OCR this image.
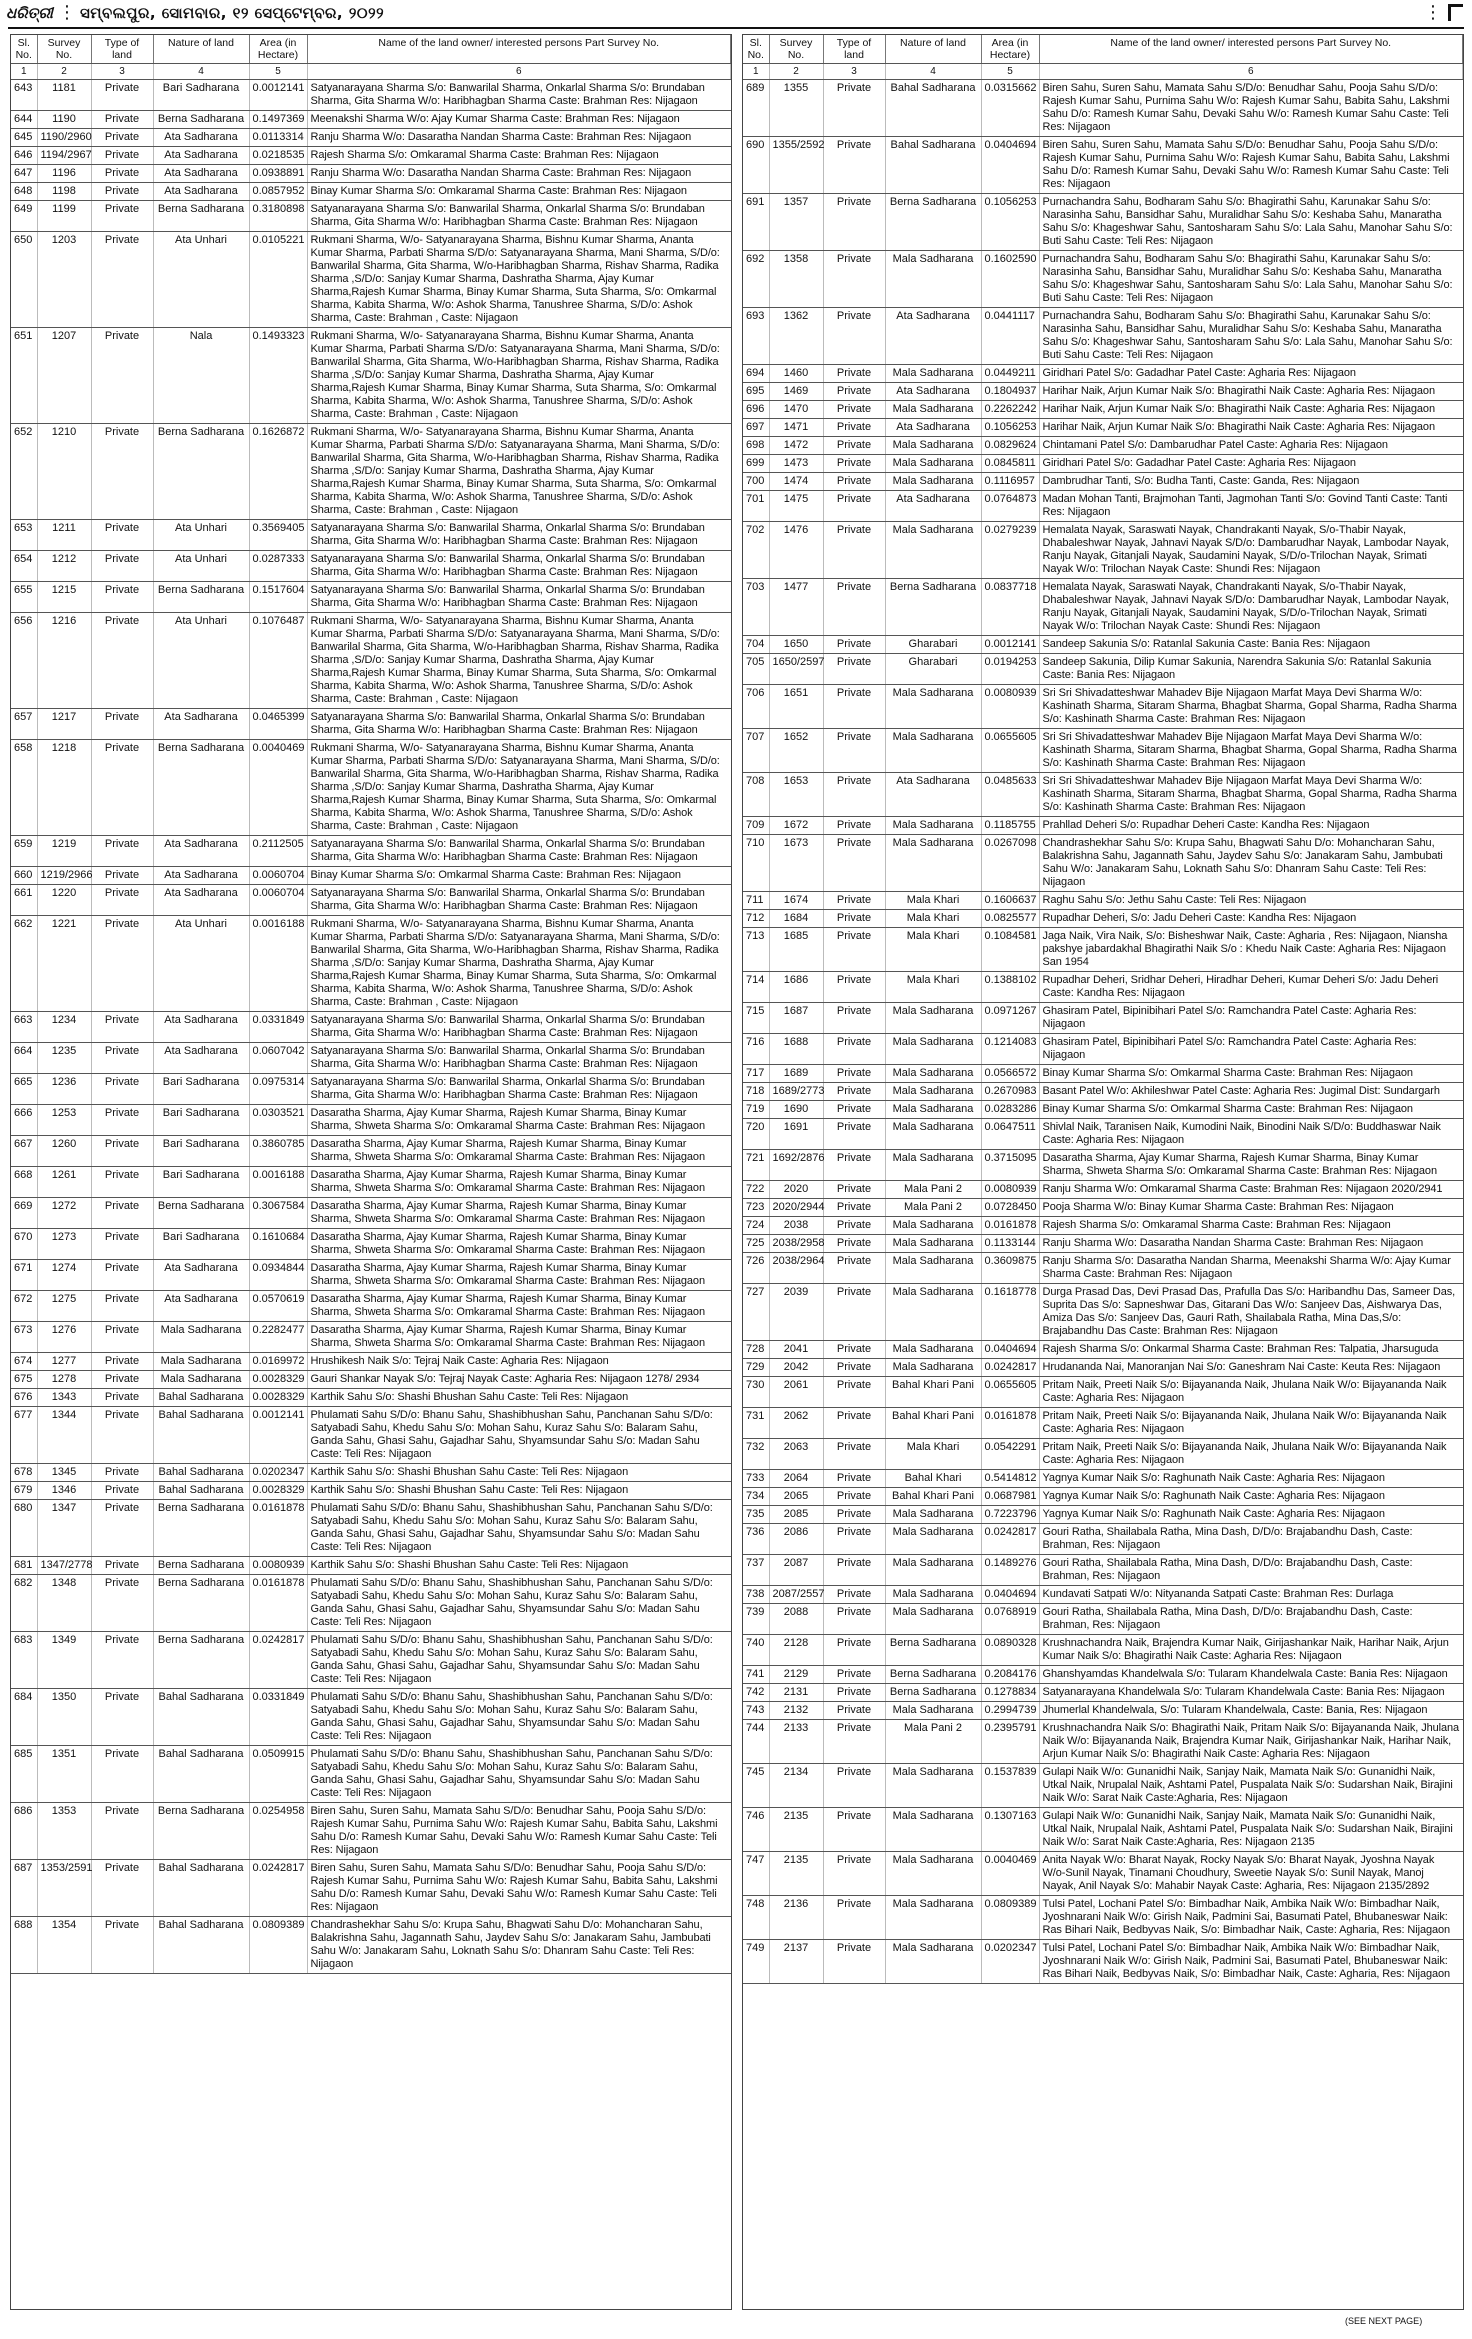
ଧରିତ୍ରୀ ⋮ ସମ୍ବଲପୁର, ସୋମବାର, ୧୨ ସେପ୍ଟେମ୍ବର, ୨୦୨୨	⋮
Sl. No.	Survey No.	Type of land	Nature of land	Area (in Hectare)	Name of the land owner/ interested persons Part Survey No.
1	2	3	4	5	6
643	1181	Private	Bari Sadharana	0.0012141	Satyanarayana Sharma S/o: Banwarilal Sharma, Onkarlal Sharma S/o: Brundaban Sharma, Gita Sharma W/o: Haribhagban Sharma Caste: Brahman Res: Nijagaon
644	1190	Private	Berna Sadharana	0.1497369	Meenakshi Sharma W/o: Ajay Kumar Sharma Caste: Brahman Res: Nijagaon
645	1190/2960	Private	Ata Sadharana	0.0113314	Ranju Sharma W/o: Dasaratha Nandan Sharma Caste: Brahman Res: Nijagaon
646	1194/2967	Private	Ata Sadharana	0.0218535	Rajesh Sharma S/o: Omkaramal Sharma Caste: Brahman Res: Nijagaon
647	1196	Private	Ata Sadharana	0.0938891	Ranju Sharma W/o: Dasaratha Nandan Sharma Caste: Brahman Res: Nijagaon
648	1198	Private	Ata Sadharana	0.0857952	Binay Kumar Sharma S/o: Omkaramal Sharma Caste: Brahman Res: Nijagaon
649	1199	Private	Berna Sadharana	0.3180898	Satyanarayana Sharma S/o: Banwarilal Sharma, Onkarlal Sharma S/o: Brundaban Sharma, Gita Sharma W/o: Haribhagban Sharma Caste: Brahman Res: Nijagaon
650	1203	Private	Ata Unhari	0.0105221	Rukmani Sharma, W/o- Satyanarayana Sharma, Bishnu Kumar Sharma, Ananta Kumar Sharma, Parbati Sharma S/D/o: Satyanarayana Sharma, Mani Sharma, S/D/o: Banwarilal Sharma, Gita Sharma, W/o-Haribhagban Sharma, Rishav Sharma, Radika Sharma ,S/D/o: Sanjay Kumar Sharma, Dashratha Sharma, Ajay Kumar Sharma,Rajesh Kumar Sharma, Binay Kumar Sharma, Suta Sharma, S/o: Omkarmal Sharma, Kabita Sharma, W/o: Ashok Sharma, Tanushree Sharma, S/D/o: Ashok Sharma, Caste: Brahman , Caste: Nijagaon
651	1207	Private	Nala	0.1493323	Rukmani Sharma, W/o- Satyanarayana Sharma, Bishnu Kumar Sharma, Ananta Kumar Sharma, Parbati Sharma S/D/o: Satyanarayana Sharma, Mani Sharma, S/D/o: Banwarilal Sharma, Gita Sharma, W/o-Haribhagban Sharma, Rishav Sharma, Radika Sharma ,S/D/o: Sanjay Kumar Sharma, Dashratha Sharma, Ajay Kumar Sharma,Rajesh Kumar Sharma, Binay Kumar Sharma, Suta Sharma, S/o: Omkarmal Sharma, Kabita Sharma, W/o: Ashok Sharma, Tanushree Sharma, S/D/o: Ashok Sharma, Caste: Brahman , Caste: Nijagaon
652	1210	Private	Berna Sadharana	0.1626872	Rukmani Sharma, W/o- Satyanarayana Sharma, Bishnu Kumar Sharma, Ananta Kumar Sharma, Parbati Sharma S/D/o: Satyanarayana Sharma, Mani Sharma, S/D/o: Banwarilal Sharma, Gita Sharma, W/o-Haribhagban Sharma, Rishav Sharma, Radika Sharma ,S/D/o: Sanjay Kumar Sharma, Dashratha Sharma, Ajay Kumar Sharma,Rajesh Kumar Sharma, Binay Kumar Sharma, Suta Sharma, S/o: Omkarmal Sharma, Kabita Sharma, W/o: Ashok Sharma, Tanushree Sharma, S/D/o: Ashok Sharma, Caste: Brahman , Caste: Nijagaon
653	1211	Private	Ata Unhari	0.3569405	Satyanarayana Sharma S/o: Banwarilal Sharma, Onkarlal Sharma S/o: Brundaban Sharma, Gita Sharma W/o: Haribhagban Sharma Caste: Brahman Res: Nijagaon
654	1212	Private	Ata Unhari	0.0287333	Satyanarayana Sharma S/o: Banwarilal Sharma, Onkarlal Sharma S/o: Brundaban Sharma, Gita Sharma W/o: Haribhagban Sharma Caste: Brahman Res: Nijagaon
655	1215	Private	Berna Sadharana	0.1517604	Satyanarayana Sharma S/o: Banwarilal Sharma, Onkarlal Sharma S/o: Brundaban Sharma, Gita Sharma W/o: Haribhagban Sharma Caste: Brahman Res: Nijagaon
656	1216	Private	Ata Unhari	0.1076487	Rukmani Sharma, W/o- Satyanarayana Sharma, Bishnu Kumar Sharma, Ananta Kumar Sharma, Parbati Sharma S/D/o: Satyanarayana Sharma, Mani Sharma, S/D/o: Banwarilal Sharma, Gita Sharma, W/o-Haribhagban Sharma, Rishav Sharma, Radika Sharma ,S/D/o: Sanjay Kumar Sharma, Dashratha Sharma, Ajay Kumar Sharma,Rajesh Kumar Sharma, Binay Kumar Sharma, Suta Sharma, S/o: Omkarmal Sharma, Kabita Sharma, W/o: Ashok Sharma, Tanushree Sharma, S/D/o: Ashok Sharma, Caste: Brahman , Caste: Nijagaon
657	1217	Private	Ata Sadharana	0.0465399	Satyanarayana Sharma S/o: Banwarilal Sharma, Onkarlal Sharma S/o: Brundaban Sharma, Gita Sharma W/o: Haribhagban Sharma Caste: Brahman Res: Nijagaon
658	1218	Private	Berna Sadharana	0.0040469	Rukmani Sharma, W/o- Satyanarayana Sharma, Bishnu Kumar Sharma, Ananta Kumar Sharma, Parbati Sharma S/D/o: Satyanarayana Sharma, Mani Sharma, S/D/o: Banwarilal Sharma, Gita Sharma, W/o-Haribhagban Sharma, Rishav Sharma, Radika Sharma ,S/D/o: Sanjay Kumar Sharma, Dashratha Sharma, Ajay Kumar Sharma,Rajesh Kumar Sharma, Binay Kumar Sharma, Suta Sharma, S/o: Omkarmal Sharma, Kabita Sharma, W/o: Ashok Sharma, Tanushree Sharma, S/D/o: Ashok Sharma, Caste: Brahman , Caste: Nijagaon
659	1219	Private	Ata Sadharana	0.2112505	Satyanarayana Sharma S/o: Banwarilal Sharma, Onkarlal Sharma S/o: Brundaban Sharma, Gita Sharma W/o: Haribhagban Sharma Caste: Brahman Res: Nijagaon
660	1219/2966	Private	Ata Sadharana	0.0060704	Binay Kumar Sharma S/o: Omkarmal Sharma Caste: Brahman Res: Nijagaon
661	1220	Private	Ata Sadharana	0.0060704	Satyanarayana Sharma S/o: Banwarilal Sharma, Onkarlal Sharma S/o: Brundaban Sharma, Gita Sharma W/o: Haribhagban Sharma Caste: Brahman Res: Nijagaon
662	1221	Private	Ata Unhari	0.0016188	Rukmani Sharma, W/o- Satyanarayana Sharma, Bishnu Kumar Sharma, Ananta Kumar Sharma, Parbati Sharma S/D/o: Satyanarayana Sharma, Mani Sharma, S/D/o: Banwarilal Sharma, Gita Sharma, W/o-Haribhagban Sharma, Rishav Sharma, Radika Sharma ,S/D/o: Sanjay Kumar Sharma, Dashratha Sharma, Ajay Kumar Sharma,Rajesh Kumar Sharma, Binay Kumar Sharma, Suta Sharma, S/o: Omkarmal Sharma, Kabita Sharma, W/o: Ashok Sharma, Tanushree Sharma, S/D/o: Ashok Sharma, Caste: Brahman , Caste: Nijagaon
663	1234	Private	Ata Sadharana	0.0331849	Satyanarayana Sharma S/o: Banwarilal Sharma, Onkarlal Sharma S/o: Brundaban Sharma, Gita Sharma W/o: Haribhagban Sharma Caste: Brahman Res: Nijagaon
664	1235	Private	Ata Sadharana	0.0607042	Satyanarayana Sharma S/o: Banwarilal Sharma, Onkarlal Sharma S/o: Brundaban Sharma, Gita Sharma W/o: Haribhagban Sharma Caste: Brahman Res: Nijagaon
665	1236	Private	Bari Sadharana	0.0975314	Satyanarayana Sharma S/o: Banwarilal Sharma, Onkarlal Sharma S/o: Brundaban Sharma, Gita Sharma W/o: Haribhagban Sharma Caste: Brahman Res: Nijagaon
666	1253	Private	Bari Sadharana	0.0303521	Dasaratha Sharma, Ajay Kumar Sharma, Rajesh Kumar Sharma, Binay Kumar Sharma, Shweta Sharma S/o: Omkaramal Sharma Caste: Brahman Res: Nijagaon
667	1260	Private	Bari Sadharana	0.3860785	Dasaratha Sharma, Ajay Kumar Sharma, Rajesh Kumar Sharma, Binay Kumar Sharma, Shweta Sharma S/o: Omkaramal Sharma Caste: Brahman Res: Nijagaon
668	1261	Private	Bari Sadharana	0.0016188	Dasaratha Sharma, Ajay Kumar Sharma, Rajesh Kumar Sharma, Binay Kumar Sharma, Shweta Sharma S/o: Omkaramal Sharma Caste: Brahman Res: Nijagaon
669	1272	Private	Berna Sadharana	0.3067584	Dasaratha Sharma, Ajay Kumar Sharma, Rajesh Kumar Sharma, Binay Kumar Sharma, Shweta Sharma S/o: Omkaramal Sharma Caste: Brahman Res: Nijagaon
670	1273	Private	Bari Sadharana	0.1610684	Dasaratha Sharma, Ajay Kumar Sharma, Rajesh Kumar Sharma, Binay Kumar Sharma, Shweta Sharma S/o: Omkaramal Sharma Caste: Brahman Res: Nijagaon
671	1274	Private	Ata Sadharana	0.0934844	Dasaratha Sharma, Ajay Kumar Sharma, Rajesh Kumar Sharma, Binay Kumar Sharma, Shweta Sharma S/o: Omkaramal Sharma Caste: Brahman Res: Nijagaon
672	1275	Private	Ata Sadharana	0.0570619	Dasaratha Sharma, Ajay Kumar Sharma, Rajesh Kumar Sharma, Binay Kumar Sharma, Shweta Sharma S/o: Omkaramal Sharma Caste: Brahman Res: Nijagaon
673	1276	Private	Mala Sadharana	0.2282477	Dasaratha Sharma, Ajay Kumar Sharma, Rajesh Kumar Sharma, Binay Kumar Sharma, Shweta Sharma S/o: Omkaramal Sharma Caste: Brahman Res: Nijagaon
674	1277	Private	Mala Sadharana	0.0169972	Hrushikesh Naik S/o: Tejraj Naik Caste: Agharia Res: Nijagaon
675	1278	Private	Mala Sadharana	0.0028329	Gauri Shankar Nayak S/o: Tejraj Nayak Caste: Agharia Res: Nijagaon 1278/ 2934
676	1343	Private	Bahal Sadharana	0.0028329	Karthik Sahu S/o: Shashi Bhushan Sahu Caste: Teli Res: Nijagaon
677	1344	Private	Bahal Sadharana	0.0012141	Phulamati Sahu S/D/o: Bhanu Sahu, Shashibhushan Sahu, Panchanan Sahu S/D/o: Satyabadi Sahu, Khedu Sahu S/o: Mohan Sahu, Kuraz Sahu S/o: Balaram Sahu, Ganda Sahu, Ghasi Sahu, Gajadhar Sahu, Shyamsundar Sahu S/o: Madan Sahu Caste: Teli Res: Nijagaon
678	1345	Private	Bahal Sadharana	0.0202347	Karthik Sahu S/o: Shashi Bhushan Sahu Caste: Teli Res: Nijagaon
679	1346	Private	Bahal Sadharana	0.0028329	Karthik Sahu S/o: Shashi Bhushan Sahu Caste: Teli Res: Nijagaon
680	1347	Private	Berna Sadharana	0.0161878	Phulamati Sahu S/D/o: Bhanu Sahu, Shashibhushan Sahu, Panchanan Sahu S/D/o: Satyabadi Sahu, Khedu Sahu S/o: Mohan Sahu, Kuraz Sahu S/o: Balaram Sahu, Ganda Sahu, Ghasi Sahu, Gajadhar Sahu, Shyamsundar Sahu S/o: Madan Sahu Caste: Teli Res: Nijagaon
681	1347/2778	Private	Berna Sadharana	0.0080939	Karthik Sahu S/o: Shashi Bhushan Sahu Caste: Teli Res: Nijagaon
682	1348	Private	Berna Sadharana	0.0161878	Phulamati Sahu S/D/o: Bhanu Sahu, Shashibhushan Sahu, Panchanan Sahu S/D/o: Satyabadi Sahu, Khedu Sahu S/o: Mohan Sahu, Kuraz Sahu S/o: Balaram Sahu, Ganda Sahu, Ghasi Sahu, Gajadhar Sahu, Shyamsundar Sahu S/o: Madan Sahu Caste: Teli Res: Nijagaon
683	1349	Private	Berna Sadharana	0.0242817	Phulamati Sahu S/D/o: Bhanu Sahu, Shashibhushan Sahu, Panchanan Sahu S/D/o: Satyabadi Sahu, Khedu Sahu S/o: Mohan Sahu, Kuraz Sahu S/o: Balaram Sahu, Ganda Sahu, Ghasi Sahu, Gajadhar Sahu, Shyamsundar Sahu S/o: Madan Sahu Caste: Teli Res: Nijagaon
684	1350	Private	Bahal Sadharana	0.0331849	Phulamati Sahu S/D/o: Bhanu Sahu, Shashibhushan Sahu, Panchanan Sahu S/D/o: Satyabadi Sahu, Khedu Sahu S/o: Mohan Sahu, Kuraz Sahu S/o: Balaram Sahu, Ganda Sahu, Ghasi Sahu, Gajadhar Sahu, Shyamsundar Sahu S/o: Madan Sahu Caste: Teli Res: Nijagaon
685	1351	Private	Bahal Sadharana	0.0509915	Phulamati Sahu S/D/o: Bhanu Sahu, Shashibhushan Sahu, Panchanan Sahu S/D/o: Satyabadi Sahu, Khedu Sahu S/o: Mohan Sahu, Kuraz Sahu S/o: Balaram Sahu, Ganda Sahu, Ghasi Sahu, Gajadhar Sahu, Shyamsundar Sahu S/o: Madan Sahu Caste: Teli Res: Nijagaon
686	1353	Private	Berna Sadharana	0.0254958	Biren Sahu, Suren Sahu, Mamata Sahu S/D/o: Benudhar Sahu, Pooja Sahu S/D/o: Rajesh Kumar Sahu, Purnima Sahu W/o: Rajesh Kumar Sahu, Babita Sahu, Lakshmi Sahu D/o: Ramesh Kumar Sahu, Devaki Sahu W/o: Ramesh Kumar Sahu Caste: Teli Res: Nijagaon
687	1353/2591	Private	Bahal Sadharana	0.0242817	Biren Sahu, Suren Sahu, Mamata Sahu S/D/o: Benudhar Sahu, Pooja Sahu S/D/o: Rajesh Kumar Sahu, Purnima Sahu W/o: Rajesh Kumar Sahu, Babita Sahu, Lakshmi Sahu D/o: Ramesh Kumar Sahu, Devaki Sahu W/o: Ramesh Kumar Sahu Caste: Teli Res: Nijagaon
688	1354	Private	Bahal Sadharana	0.0809389	Chandrashekhar Sahu S/o: Krupa Sahu, Bhagwati Sahu D/o: Mohancharan Sahu, Balakrishna Sahu, Jagannath Sahu, Jaydev Sahu S/o: Janakaram Sahu, Jambubati Sahu W/o: Janakaram Sahu, Loknath Sahu S/o: Dhanram Sahu Caste: Teli Res: Nijagaon
Sl. No.	Survey No.	Type of land	Nature of land	Area (in Hectare)	Name of the land owner/ interested persons Part Survey No.
1	2	3	4	5	6
689	1355	Private	Bahal Sadharana	0.0315662	Biren Sahu, Suren Sahu, Mamata Sahu S/D/o: Benudhar Sahu, Pooja Sahu S/D/o: Rajesh Kumar Sahu, Purnima Sahu W/o: Rajesh Kumar Sahu, Babita Sahu, Lakshmi Sahu D/o: Ramesh Kumar Sahu, Devaki Sahu W/o: Ramesh Kumar Sahu Caste: Teli Res: Nijagaon
690	1355/2592	Private	Bahal Sadharana	0.0404694	Biren Sahu, Suren Sahu, Mamata Sahu S/D/o: Benudhar Sahu, Pooja Sahu S/D/o: Rajesh Kumar Sahu, Purnima Sahu W/o: Rajesh Kumar Sahu, Babita Sahu, Lakshmi Sahu D/o: Ramesh Kumar Sahu, Devaki Sahu W/o: Ramesh Kumar Sahu Caste: Teli Res: Nijagaon
691	1357	Private	Berna Sadharana	0.1056253	Purnachandra Sahu, Bodharam Sahu S/o: Bhagirathi Sahu, Karunakar Sahu S/o: Narasinha Sahu, Bansidhar Sahu, Muralidhar Sahu S/o: Keshaba Sahu, Manaratha Sahu S/o: Khageshwar Sahu, Santosharam Sahu S/o: Lala Sahu, Manohar Sahu S/o: Buti Sahu Caste: Teli Res: Nijagaon
692	1358	Private	Mala Sadharana	0.1602590	Purnachandra Sahu, Bodharam Sahu S/o: Bhagirathi Sahu, Karunakar Sahu S/o: Narasinha Sahu, Bansidhar Sahu, Muralidhar Sahu S/o: Keshaba Sahu, Manaratha Sahu S/o: Khageshwar Sahu, Santosharam Sahu S/o: Lala Sahu, Manohar Sahu S/o: Buti Sahu Caste: Teli Res: Nijagaon
693	1362	Private	Ata Sadharana	0.0441117	Purnachandra Sahu, Bodharam Sahu S/o: Bhagirathi Sahu, Karunakar Sahu S/o: Narasinha Sahu, Bansidhar Sahu, Muralidhar Sahu S/o: Keshaba Sahu, Manaratha Sahu S/o: Khageshwar Sahu, Santosharam Sahu S/o: Lala Sahu, Manohar Sahu S/o: Buti Sahu Caste: Teli Res: Nijagaon
694	1460	Private	Mala Sadharana	0.0449211	Giridhari Patel S/o: Gadadhar Patel Caste: Agharia Res: Nijagaon
695	1469	Private	Ata Sadharana	0.1804937	Harihar Naik, Arjun Kumar Naik S/o: Bhagirathi Naik Caste: Agharia Res: Nijagaon
696	1470	Private	Mala Sadharana	0.2262242	Harihar Naik, Arjun Kumar Naik S/o: Bhagirathi Naik Caste: Agharia Res: Nijagaon
697	1471	Private	Ata Sadharana	0.1056253	Harihar Naik, Arjun Kumar Naik S/o: Bhagirathi Naik Caste: Agharia Res: Nijagaon
698	1472	Private	Mala Sadharana	0.0829624	Chintamani Patel S/o: Dambarudhar Patel Caste: Agharia Res: Nijagaon
699	1473	Private	Mala Sadharana	0.0845811	Giridhari Patel S/o: Gadadhar Patel Caste: Agharia Res: Nijagaon
700	1474	Private	Mala Sadharana	0.1116957	Dambrudhar Tanti, S/o: Budha Tanti, Caste: Ganda, Res: Nijagaon
701	1475	Private	Ata Sadharana	0.0764873	Madan Mohan Tanti, Brajmohan Tanti, Jagmohan Tanti S/o: Govind Tanti Caste: Tanti Res: Nijagaon
702	1476	Private	Mala Sadharana	0.0279239	Hemalata Nayak, Saraswati Nayak, Chandrakanti Nayak, S/o-Thabir Nayak, Dhabaleshwar Nayak, Jahnavi Nayak S/D/o: Dambarudhar Nayak, Lambodar Nayak, Ranju Nayak, Gitanjali Nayak, Saudamini Nayak, S/D/o-Trilochan Nayak, Srimati Nayak W/o: Trilochan Nayak Caste: Shundi Res: Nijagaon
703	1477	Private	Berna Sadharana	0.0837718	Hemalata Nayak, Saraswati Nayak, Chandrakanti Nayak, S/o-Thabir Nayak, Dhabaleshwar Nayak, Jahnavi Nayak S/D/o: Dambarudhar Nayak, Lambodar Nayak, Ranju Nayak, Gitanjali Nayak, Saudamini Nayak, S/D/o-Trilochan Nayak, Srimati Nayak W/o: Trilochan Nayak Caste: Shundi Res: Nijagaon
704	1650	Private	Gharabari	0.0012141	Sandeep Sakunia S/o: Ratanlal Sakunia Caste: Bania Res: Nijagaon
705	1650/2597	Private	Gharabari	0.0194253	Sandeep Sakunia, Dilip Kumar Sakunia, Narendra Sakunia S/o: Ratanlal Sakunia Caste: Bania Res: Nijagaon
706	1651	Private	Mala Sadharana	0.0080939	Sri Sri Shivadatteshwar Mahadev Bije Nijagaon Marfat Maya Devi Sharma W/o: Kashinath Sharma, Sitaram Sharma, Bhagbat Sharma, Gopal Sharma, Radha Sharma S/o: Kashinath Sharma Caste: Brahman Res: Nijagaon
707	1652	Private	Mala Sadharana	0.0655605	Sri Sri Shivadatteshwar Mahadev Bije Nijagaon Marfat Maya Devi Sharma W/o: Kashinath Sharma, Sitaram Sharma, Bhagbat Sharma, Gopal Sharma, Radha Sharma S/o: Kashinath Sharma Caste: Brahman Res: Nijagaon
708	1653	Private	Ata Sadharana	0.0485633	Sri Sri Shivadatteshwar Mahadev Bije Nijagaon Marfat Maya Devi Sharma W/o: Kashinath Sharma, Sitaram Sharma, Bhagbat Sharma, Gopal Sharma, Radha Sharma S/o: Kashinath Sharma Caste: Brahman Res: Nijagaon
709	1672	Private	Mala Sadharana	0.1185755	Prahllad Deheri S/o: Rupadhar Deheri Caste: Kandha Res: Nijagaon
710	1673	Private	Mala Sadharana	0.0267098	Chandrashekhar Sahu S/o: Krupa Sahu, Bhagwati Sahu D/o: Mohancharan Sahu, Balakrishna Sahu, Jagannath Sahu, Jaydev Sahu S/o: Janakaram Sahu, Jambubati Sahu W/o: Janakaram Sahu, Loknath Sahu S/o: Dhanram Sahu Caste: Teli Res: Nijagaon
711	1674	Private	Mala Khari	0.1606637	Raghu Sahu S/o: Jethu Sahu Caste: Teli Res: Nijagaon
712	1684	Private	Mala Khari	0.0825577	Rupadhar Deheri, S/o: Jadu Deheri Caste: Kandha Res: Nijagaon
713	1685	Private	Mala Khari	0.1084581	Jaga Naik, Vira Naik, S/o: Bisheshwar Naik, Caste: Agharia , Res: Nijagaon, Niansha pakshye jabardakhal Bhagirathi Naik S/o : Khedu Naik Caste: Agharia Res: Nijagaon San 1954
714	1686	Private	Mala Khari	0.1388102	Rupadhar Deheri, Sridhar Deheri, Hiradhar Deheri, Kumar Deheri S/o: Jadu Deheri Caste: Kandha Res: Nijagaon
715	1687	Private	Mala Sadharana	0.0971267	Ghasiram Patel, Bipinibihari Patel S/o: Ramchandra Patel Caste: Agharia Res: Nijagaon
716	1688	Private	Mala Sadharana	0.1214083	Ghasiram Patel, Bipinibihari Patel S/o: Ramchandra Patel Caste: Agharia Res: Nijagaon
717	1689	Private	Mala Sadharana	0.0566572	Binay Kumar Sharma S/o: Omkarmal Sharma Caste: Brahman Res: Nijagaon
718	1689/2773	Private	Mala Sadharana	0.2670983	Basant Patel W/o: Akhileshwar Patel Caste: Agharia Res: Jugimal Dist: Sundargarh
719	1690	Private	Mala Sadharana	0.0283286	Binay Kumar Sharma S/o: Omkarmal Sharma Caste: Brahman Res: Nijagaon
720	1691	Private	Mala Sadharana	0.0647511	Shivlal Naik, Taranisen Naik, Kumodini Naik, Binodini Naik S/D/o: Buddhaswar Naik Caste: Agharia Res: Nijagaon
721	1692/2876	Private	Mala Sadharana	0.3715095	Dasaratha Sharma, Ajay Kumar Sharma, Rajesh Kumar Sharma, Binay Kumar Sharma, Shweta Sharma S/o: Omkaramal Sharma Caste: Brahman Res: Nijagaon
722	2020	Private	Mala Pani 2	0.0080939	Ranju Sharma W/o: Omkaramal Sharma Caste: Brahman Res: Nijagaon 2020/2941
723	2020/2944	Private	Mala Pani 2	0.0728450	Pooja Sharma W/o: Binay Kumar Sharma Caste: Brahman Res: Nijagaon
724	2038	Private	Mala Sadharana	0.0161878	Rajesh Sharma S/o: Omkaramal Sharma Caste: Brahman Res: Nijagaon
725	2038/2958	Private	Mala Sadharana	0.1133144	Ranju Sharma W/o: Dasaratha Nandan Sharma Caste: Brahman Res: Nijagaon
726	2038/2964	Private	Mala Sadharana	0.3609875	Ranju Sharma S/o: Dasaratha Nandan Sharma, Meenakshi Sharma W/o: Ajay Kumar Sharma Caste: Brahman Res: Nijagaon
727	2039	Private	Mala Sadharana	0.1618778	Durga Prasad Das, Devi Prasad Das, Prafulla Das S/o: Haribandhu Das, Sameer Das, Suprita Das S/o: Sapneshwar Das, Gitarani Das W/o: Sanjeev Das, Aishwarya Das, Amiza Das S/o: Sanjeev Das, Gauri Rath, Shailabala Ratha, Mina Das,S/o: Brajabandhu Das Caste: Brahman Res: Nijagaon
728	2041	Private	Mala Sadharana	0.0404694	Rajesh Sharma S/o: Onkarmal Sharma Caste: Brahman Res: Talpatia, Jharsuguda
729	2042	Private	Mala Sadharana	0.0242817	Hrudananda Nai, Manoranjan Nai S/o: Ganeshram Nai Caste: Keuta Res: Nijagaon
730	2061	Private	Bahal Khari Pani	0.0655605	Pritam Naik, Preeti Naik S/o: Bijayananda Naik, Jhulana Naik W/o: Bijayananda Naik Caste: Agharia Res: Nijagaon
731	2062	Private	Bahal Khari Pani	0.0161878	Pritam Naik, Preeti Naik S/o: Bijayananda Naik, Jhulana Naik W/o: Bijayananda Naik Caste: Agharia Res: Nijagaon
732	2063	Private	Mala Khari	0.0542291	Pritam Naik, Preeti Naik S/o: Bijayananda Naik, Jhulana Naik W/o: Bijayananda Naik Caste: Agharia Res: Nijagaon
733	2064	Private	Bahal Khari	0.5414812	Yagnya Kumar Naik S/o: Raghunath Naik Caste: Agharia Res: Nijagaon
734	2065	Private	Bahal Khari Pani	0.0687981	Yagnya Kumar Naik S/o: Raghunath Naik Caste: Agharia Res: Nijagaon
735	2085	Private	Mala Sadharana	0.7223796	Yagnya Kumar Naik S/o: Raghunath Naik Caste: Agharia Res: Nijagaon
736	2086	Private	Mala Sadharana	0.0242817	Gouri Ratha, Shailabala Ratha, Mina Dash, D/D/o: Brajabandhu Dash, Caste: Brahman, Res: Nijagaon
737	2087	Private	Mala Sadharana	0.1489276	Gouri Ratha, Shailabala Ratha, Mina Dash, D/D/o: Brajabandhu Dash, Caste: Brahman, Res: Nijagaon
738	2087/2557	Private	Mala Sadharana	0.0404694	Kundavati Satpati W/o: Nityananda Satpati Caste: Brahman Res: Durlaga
739	2088	Private	Mala Sadharana	0.0768919	Gouri Ratha, Shailabala Ratha, Mina Dash, D/D/o: Brajabandhu Dash, Caste: Brahman, Res: Nijagaon
740	2128	Private	Berna Sadharana	0.0890328	Krushnachandra Naik, Brajendra Kumar Naik, Girijashankar Naik, Harihar Naik, Arjun Kumar Naik S/o: Bhagirathi Naik Caste: Agharia Res: Nijagaon
741	2129	Private	Berna Sadharana	0.2084176	Ghanshyamdas Khandelwala S/o: Tularam Khandelwala Caste: Bania Res: Nijagaon
742	2131	Private	Berna Sadharana	0.1278834	Satyanarayana Khandelwala S/o: Tularam Khandelwala Caste: Bania Res: Nijagaon
743	2132	Private	Mala Sadharana	0.2994739	Jhumerlal Khandelwala, S/o: Tularam Khandelwala, Caste: Bania, Res: Nijagaon
744	2133	Private	Mala Pani 2	0.2395791	Krushnachandra Naik S/o: Bhagirathi Naik, Pritam Naik S/o: Bijayananda Naik, Jhulana Naik W/o: Bijayananda Naik, Brajendra Kumar Naik, Girijashankar Naik, Harihar Naik, Arjun Kumar Naik S/o: Bhagirathi Naik Caste: Agharia Res: Nijagaon
745	2134	Private	Mala Sadharana	0.1537839	Gulapi Naik W/o: Gunanidhi Naik, Sanjay Naik, Mamata Naik S/o: Gunanidhi Naik, Utkal Naik, Nrupalal Naik, Ashtami Patel, Puspalata Naik S/o: Sudarshan Naik, Birajini Naik W/o: Sarat Naik Caste:Agharia, Res: Nijagaon
746	2135	Private	Mala Sadharana	0.1307163	Gulapi Naik W/o: Gunanidhi Naik, Sanjay Naik, Mamata Naik S/o: Gunanidhi Naik, Utkal Naik, Nrupalal Naik, Ashtami Patel, Puspalata Naik S/o: Sudarshan Naik, Birajini Naik W/o: Sarat Naik Caste:Agharia, Res: Nijagaon 2135
747	2135	Private	Mala Sadharana	0.0040469	Anita Nayak W/o: Bharat Nayak, Rocky Nayak S/o: Bharat Nayak, Jyoshna Nayak W/o-Sunil Nayak, Tinamani Choudhury, Sweetie Nayak S/o: Sunil Nayak, Manoj Nayak, Anil Nayak S/o: Mahabir Nayak Caste: Agharia, Res: Nijagaon 2135/2892
748	2136	Private	Mala Sadharana	0.0809389	Tulsi Patel, Lochani Patel S/o: Bimbadhar Naik, Ambika Naik W/o: Bimbadhar Naik, Jyoshnarani Naik W/o: Girish Naik, Padmini Sai, Basumati Patel, Bhubaneswar Naik: Ras Bihari Naik, Bedbyvas Naik, S/o: Bimbadhar Naik, Caste: Agharia, Res: Nijagaon
749	2137	Private	Mala Sadharana	0.0202347	Tulsi Patel, Lochani Patel S/o: Bimbadhar Naik, Ambika Naik W/o: Bimbadhar Naik, Jyoshnarani Naik W/o: Girish Naik, Padmini Sai, Basumati Patel, Bhubaneswar Naik: Ras Bihari Naik, Bedbyvas Naik, S/o: Bimbadhar Naik, Caste: Agharia, Res: Nijagaon
(SEE NEXT PAGE)
